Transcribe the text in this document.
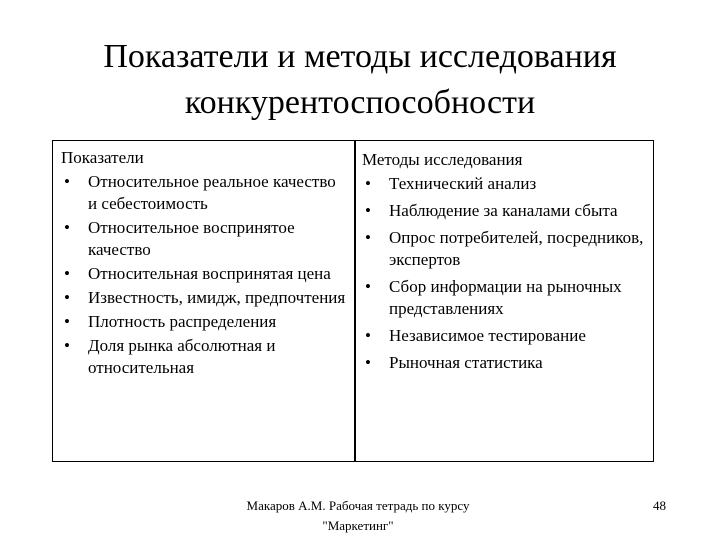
Показатели и методы исследования конкурентоспособности
Показатели
• Относительное реальное качество и себестоимость
• Относительное воспринятое качество
• Относительная воспринятая цена
• Известность, имидж, предпочтения
• Плотность распределения
• Доля рынка абсолютная и относительная
Методы исследования
• Технический анализ
• Наблюдение за каналами сбыта
• Опрос потребителей, посредников, экспертов
• Сбор информации на рыночных представлениях
• Независимое тестирование
• Рыночная статистика
Макаров А.М. Рабочая тетрадь по курсу "Маркетинг"
48
